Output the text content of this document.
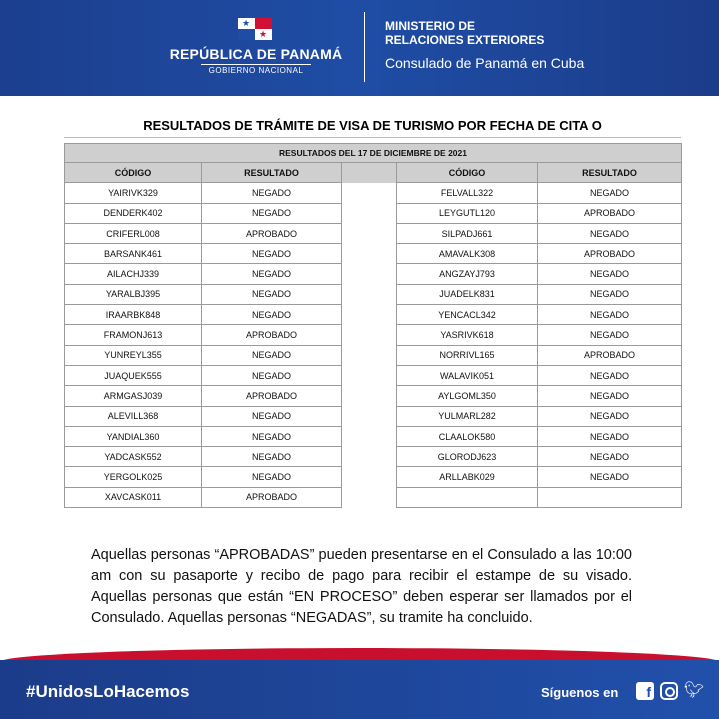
★
★
REPÚBLICA DE PANAMÁ
GOBIERNO NACIONAL
MINISTERIO DE
RELACIONES EXTERIORES
Consulado de Panamá en Cuba
RESULTADOS DE TRÁMITE DE VISA DE TURISMO POR FECHA DE CITA O
RESULTADOS DEL 17 DE DICIEMBRE DE 2021				
CÓDIGO	RESULTADO		CÓDIGO	RESULTADO
YAIRIVK329	NEGADO		FELVALL322	NEGADO
DENDERK402	NEGADO		LEYGUTL120	APROBADO
CRIFERL008	APROBADO		SILPADJ661	NEGADO
BARSANK461	NEGADO		AMAVALK308	APROBADO
AILACHJ339	NEGADO		ANGZAYJ793	NEGADO
YARALBJ395	NEGADO		JUADELK831	NEGADO
IRAARBK848	NEGADO		YENCACL342	NEGADO
FRAMONJ613	APROBADO		YASRIVK618	NEGADO
YUNREYL355	NEGADO		NORRIVL165	APROBADO
JUAQUEK555	NEGADO		WALAVIK051	NEGADO
ARMGASJ039	APROBADO		AYLGOML350	NEGADO
ALEVILL368	NEGADO		YULMARL282	NEGADO
YANDIAL360	NEGADO		CLAALOK580	NEGADO
YADCASK552	NEGADO		GLORODJ623	NEGADO
YERGOLK025	NEGADO		ARLLABK029	NEGADO
XAVCASK011	APROBADO			
Aquellas personas “APROBADAS” pueden presentarse en el Consulado a las 10:00 am con su pasaporte y recibo de pago para recibir el estampe de su visado. Aquellas personas que están “EN PROCESO” deben esperar ser llamados por el Consulado. Aquellas personas “NEGADAS”, su tramite ha concluido.
#UnidosLoHacemos	Síguenos en	f 🐦︎
